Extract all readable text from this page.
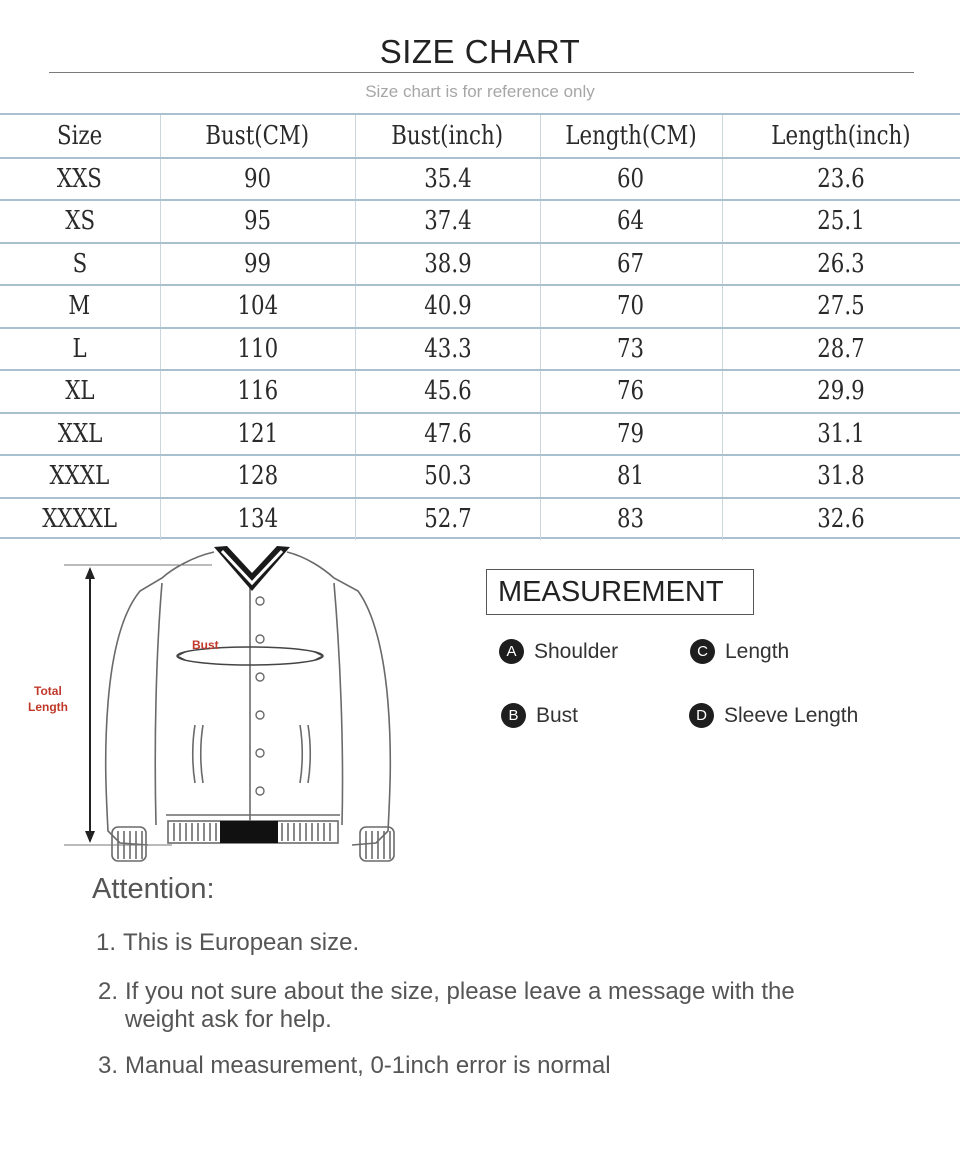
SIZE CHART
Size chart is for reference only
Size	Bust(CM)	Bust(inch)	Length(CM)	Length(inch)
XXS	90	35.4	60	23.6
XS	95	37.4	64	25.1
S	99	38.9	67	26.3
M	104	40.9	70	27.5
L	110	43.3	73	28.7
XL	116	45.6	76	29.9
XXL	121	47.6	79	31.1
XXXL	128	50.3	81	31.8
XXXXL	134	52.7	83	32.6
Bust
Total
Length
MEASUREMENT
A Shoulder	C Length
B Bust	D Sleeve Length
Attention:
1. This is European size.
2. If you not sure about the size, please leave a message with the
weight ask for help.
3. Manual measurement, 0-1inch error is normal
